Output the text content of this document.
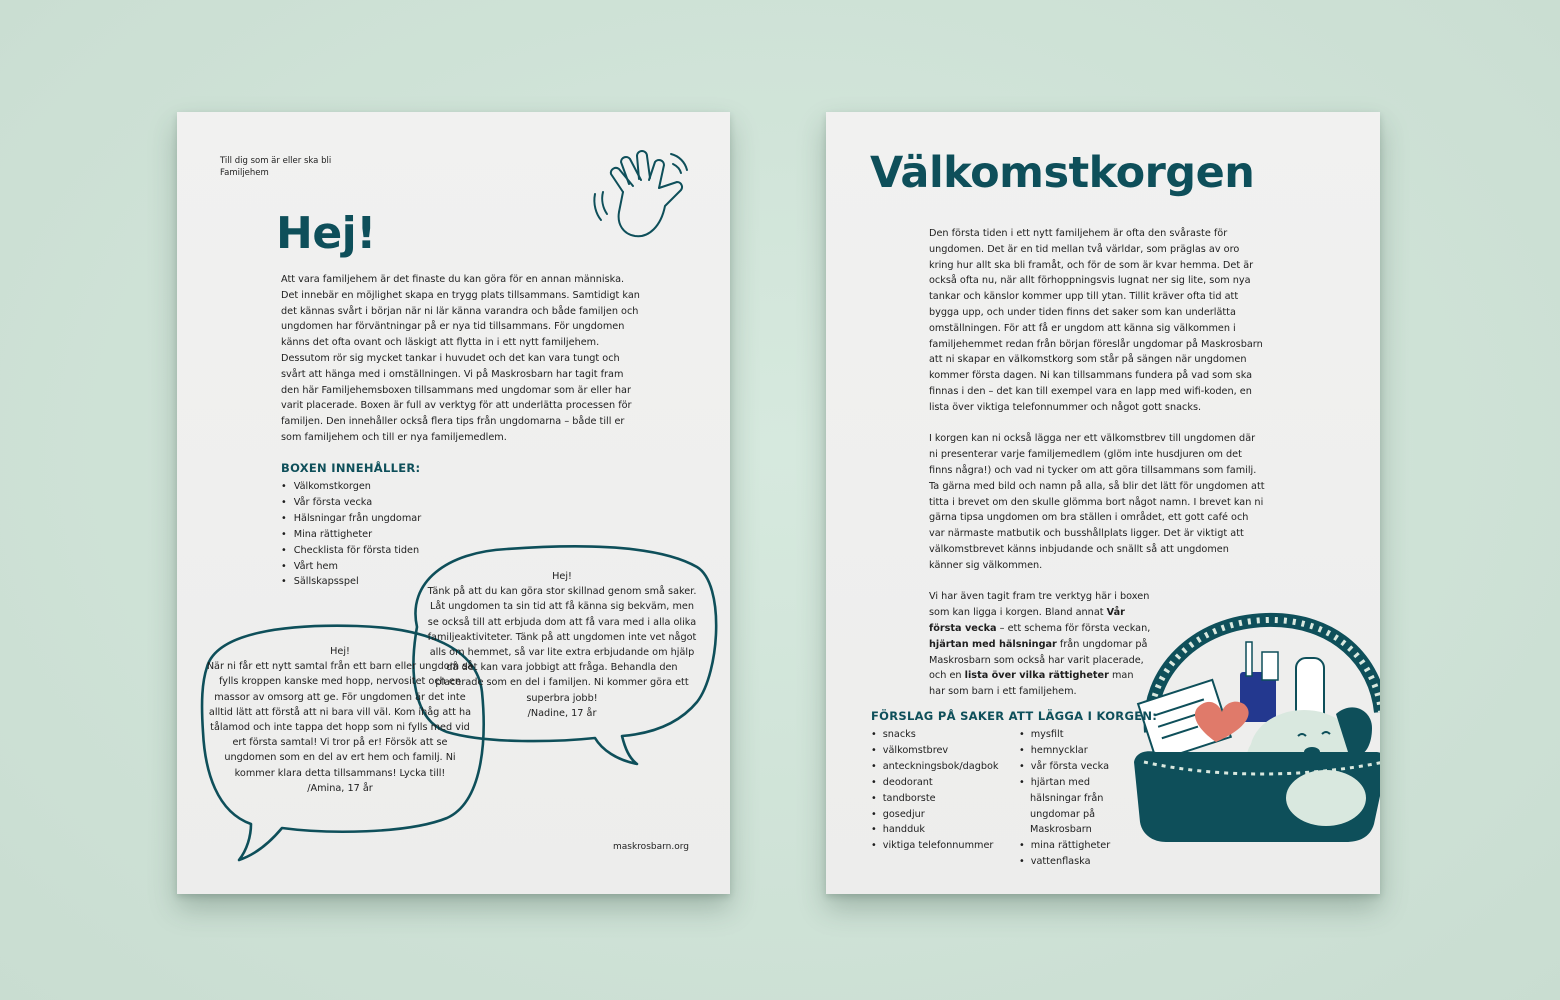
Till dig som är eller ska bli
Familjehem
Hej!
Att vara familjehem är det finaste du kan göra för en annan människa. Det innebär en möjlighet skapa en trygg plats tillsammans. Samtidigt kan det kännas svårt i början när ni lär känna varandra och både familjen och ungdomen har förväntningar på er nya tid tillsammans. För ungdomen känns det ofta ovant och läskigt att flytta in i ett nytt familjehem. Dessutom rör sig mycket tankar i huvudet och det kan vara tungt och svårt att hänga med i omställningen. Vi på Maskrosbarn har tagit fram den här Familjehemsboxen tillsammans med ungdomar som är eller har varit placerade. Boxen är full av verktyg för att underlätta processen för familjen. Den innehåller också flera tips från ungdomarna – både till er som familjehem och till er nya familjemedlem.
BOXEN INNEHÅLLER:
• Välkomstkorgen
• Vår första vecka
• Hälsningar från ungdomar
• Mina rättigheter
• Checklista för första tiden
• Vårt hem
• Sällskapsspel	Hej!
Tänk på att du kan göra stor skillnad genom små saker. Låt ungdomen ta sin tid att få känna sig bekväm, men se också till att erbjuda dom att få vara med i alla olika familjeaktiviteter. Tänk på att ungdomen inte vet något alls om hemmet, så var lite extra erbjudande om hjälp då det kan vara jobbigt att fråga. Behandla den placerade som en del i familjen. Ni kommer göra ett superbra jobb!
/Nadine, 17 år
Hej!
När ni får ett nytt samtal från ett barn eller ungdom så fylls kroppen kanske med hopp, nervositet och en massor av omsorg att ge. För ungdomen är det inte alltid lätt att förstå att ni bara vill väl. Kom ihåg att ha tålamod och inte tappa det hopp som ni fylls med vid ert första samtal! Vi tror på er! Försök att se ungdomen som en del av ert hem och familj. Ni kommer klara detta tillsammans! Lycka till!
/Amina, 17 år
maskrosbarn.org
Välkomstkorgen

Den första tiden i ett nytt familjehem är ofta den svåraste för ungdomen. Det är en tid mellan två världar, som präglas av oro kring hur allt ska bli framåt, och för de som är kvar hemma. Det är också ofta nu, när allt förhoppningsvis lugnat ner sig lite, som nya tankar och känslor kommer upp till ytan. Tillit kräver ofta tid att bygga upp, och under tiden finns det saker som kan underlätta omställningen. För att få er ungdom att känna sig välkommen i familjehemmet redan från början föreslår ungdomar på Maskrosbarn att ni skapar en välkomstkorg som står på sängen när ungdomen kommer första dagen. Ni kan tillsammans fundera på vad som ska finnas i den – det kan till exempel vara en lapp med wifi-koden, en lista över viktiga telefonnummer och något gott snacks.

I korgen kan ni också lägga ner ett välkomstbrev till ungdomen där ni presenterar varje familjemedlem (glöm inte husdjuren om det finns några!) och vad ni tycker om att göra tillsammans som familj. Ta gärna med bild och namn på alla, så blir det lätt för ungdomen att titta i brevet om den skulle glömma bort något namn. I brevet kan ni gärna tipsa ungdomen om bra ställen i området, ett gott café och var närmaste matbutik och busshållplats ligger. Det är viktigt att välkomstbrevet känns inbjudande och snällt så att ungdomen känner sig välkommen.

Vi har även tagit fram tre verktyg här i boxen som kan ligga i korgen. Bland annat Vår första vecka – ett schema för första veckan, hjärtan med hälsningar från ungdomar på Maskrosbarn som också har varit placerade, och en lista över vilka rättigheter man har som barn i ett familjehem.

FÖRSLAG PÅ SAKER ATT LÄGGA I KORGEN:
• snacks
• välkomstbrev
• anteckningsbok/dagbok
• deodorant
• tandborste
• gosedjur
• handduk
• viktiga telefonnummer
• mysfilt
• hemnycklar
• vår första vecka
• hjärtan med hälsningar från ungdomar på Maskrosbarn
• mina rättigheter
• vattenflaska
